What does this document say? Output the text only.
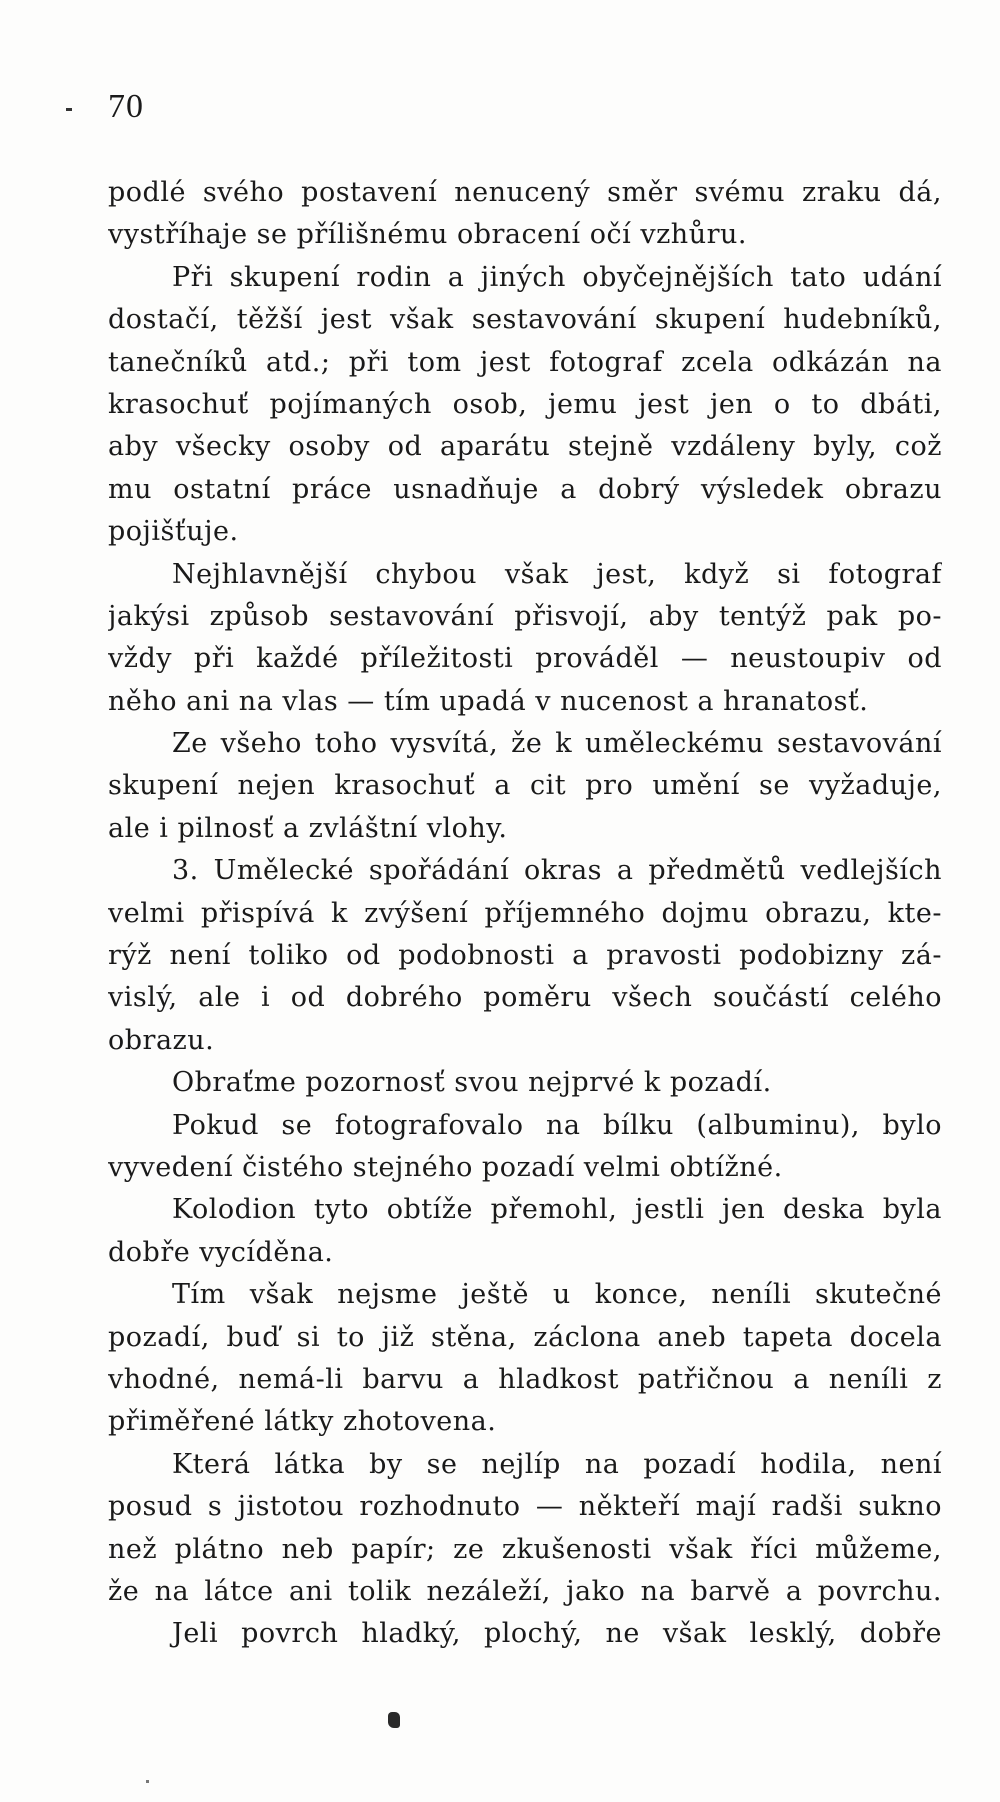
70
podlé svého postavení nenucený směr svému zraku dá,
vystříhaje se přílišnému obracení očí vzhůru.
Při skupení rodin a jiných obyčejnějších tato udání
dostačí, těžší jest však sestavování skupení hudebníků,
tanečníků atd.; při tom jest fotograf zcela odkázán na
krasochuť pojímaných osob, jemu jest jen o to dbáti,
aby všecky osoby od aparátu stejně vzdáleny byly, což
mu ostatní práce usnadňuje a dobrý výsledek obrazu
pojišťuje.
Nejhlavnější chybou však jest, když si fotograf
jakýsi způsob sestavování přisvojí, aby tentýž pak po-
vždy při každé příležitosti prováděl — neustoupiv od
něho ani na vlas — tím upadá v nucenost a hranatosť.
Ze všeho toho vysvítá, že k uměleckému sestavování
skupení nejen krasochuť a cit pro umění se vyžaduje,
ale i pilnosť a zvláštní vlohy.
3. Umělecké spořádání okras a předmětů vedlejších
velmi přispívá k zvýšení příjemného dojmu obrazu, kte-
rýž není toliko od podobnosti a pravosti podobizny zá-
vislý, ale i od dobrého poměru všech součástí celého
obrazu.
Obraťme pozornosť svou nejprvé k pozadí.
Pokud se fotografovalo na bílku (albuminu), bylo
vyvedení čistého stejného pozadí velmi obtížné.
Kolodion tyto obtíže přemohl, jestli jen deska byla
dobře vycíděna.
Tím však nejsme ještě u konce, neníli skutečné
pozadí, buď si to již stěna, záclona aneb tapeta docela
vhodné, nemá-li barvu a hladkost patřičnou a neníli z
přiměřené látky zhotovena.
Která látka by se nejlíp na pozadí hodila, není
posud s jistotou rozhodnuto — někteří mají radši sukno
než plátno neb papír; ze zkušenosti však říci můžeme,
že na látce ani tolik nezáleží, jako na barvě a povrchu.
Jeli povrch hladký, plochý, ne však lesklý, dobře
